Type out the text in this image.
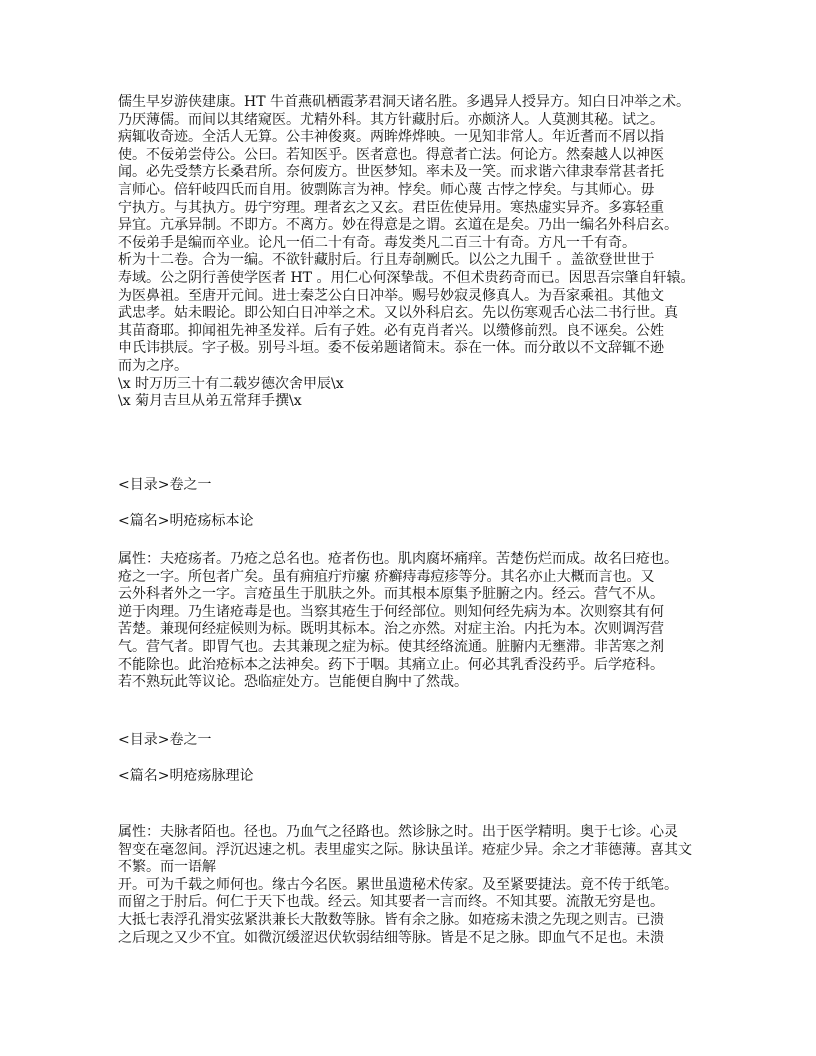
儒生早岁游侠建康。HT 牛首燕矶栖霞茅君洞天诸名胜。多遇异人授异方。知白日冲举之术。
乃厌薄儒。而间以其绪窥医。尤精外科。其方针藏肘后。亦颇济人。人莫测其秘。试之。
病辄收奇迹。全活人无算。公丰神俊爽。两眸烨烨映。一见知非常人。年近耆而不屑以指
使。不佞弟尝侍公。公曰。若知医乎。医者意也。得意者亡法。何论方。然秦越人以神医
闻。必先受禁方长桑君所。奈何废方。世医梦知。率未及一笑。而求谐六律隶奉常甚者托
言师心。倍轩岐四氏而自用。彼剽陈言为神。悖矣。师心蔑 古悖之悖矣。与其师心。毋
宁执方。与其执方。毋宁穷理。理者玄之又玄。君臣佐使异用。寒热虚实异齐。多寡轻重
异宜。亢承异制。不即方。不离方。妙在得意是之谓。玄道在是矣。乃出一编名外科启玄。
不佞弟手是编而卒业。论凡一佰二十有奇。毒发类凡二百三十有奇。方凡一千有奇。
析为十二卷。合为一编。不欲针藏肘后。行且寿剞劂氏。以公之九围千 。盖欲登世世于
寿域。公之阴行善使学医者 HT 。用仁心何深挚哉。不但术贵药奇而已。因思吾宗肇自轩辕。
为医鼻祖。至唐开元间。进士秦芝公白日冲举。赐号妙寂灵修真人。为吾家乘祖。其他文
武忠孝。姑未暇论。即公知白日冲举之术。又以外科启玄。先以伤寒观舌心法二书行世。真
其苗裔耶。抑闻祖先神圣发祥。后有子姓。必有克肖者兴。以缵修前烈。良不诬矣。公姓
申氏讳拱辰。字子极。别号斗垣。委不佞弟题诸简末。忝在一体。而分敢以不文辞辄不逊
而为之序。
\x 时万历三十有二载岁德次舍甲辰\x
\x 菊月吉旦从弟五常拜手撰\x
<目录>卷之一
<篇名>明疮疡标本论
属性：夫疮疡者。乃疮之总名也。疮者伤也。肌肉腐坏痛痒。苦楚伤烂而成。故名曰疮也。
疮之一字。所包者广矣。虽有痈疽疔疖瘰 疥癣痔毒痘疹等分。其名亦止大概而言也。又
云外科者外之一字。言疮虽生于肌肤之外。而其根本原集予脏腑之内。经云。营气不从。
逆于肉理。乃生诸疮毒是也。当察其疮生于何经部位。则知何经先病为本。次则察其有何
苦楚。兼现何经症候则为标。既明其标本。治之亦然。对症主治。内托为本。次则调泻营
气。营气者。即胃气也。去其兼现之症为标。使其经络流通。脏腑内无壅滞。非苦寒之剂
不能除也。此治疮标本之法神矣。药下于咽。其痛立止。何必其乳香没药乎。后学疮科。
若不熟玩此等议论。恐临症处方。岂能便自胸中了然哉。
<目录>卷之一
<篇名>明疮疡脉理论
属性：夫脉者陌也。径也。乃血气之径路也。然诊脉之时。出于医学精明。奥于七诊。心灵
智变在毫忽间。浮沉迟速之机。表里虚实之际。脉诀虽详。疮症少异。余之才菲德薄。喜其文
不繁。而一语解
开。可为千载之师何也。缘古今名医。累世虽遗秘术传家。及至紧要捷法。竟不传于纸笔。
而留之于肘后。何仁于天下也哉。经云。知其要者一言而终。不知其要。流散无穷是也。
大抵七表浮孔滑实弦紧洪兼长大散数等脉。皆有余之脉。如疮疡未溃之先现之则吉。已溃
之后现之又少不宜。如微沉缓涩迟伏软弱结细等脉。皆是不足之脉。即血气不足也。未溃
